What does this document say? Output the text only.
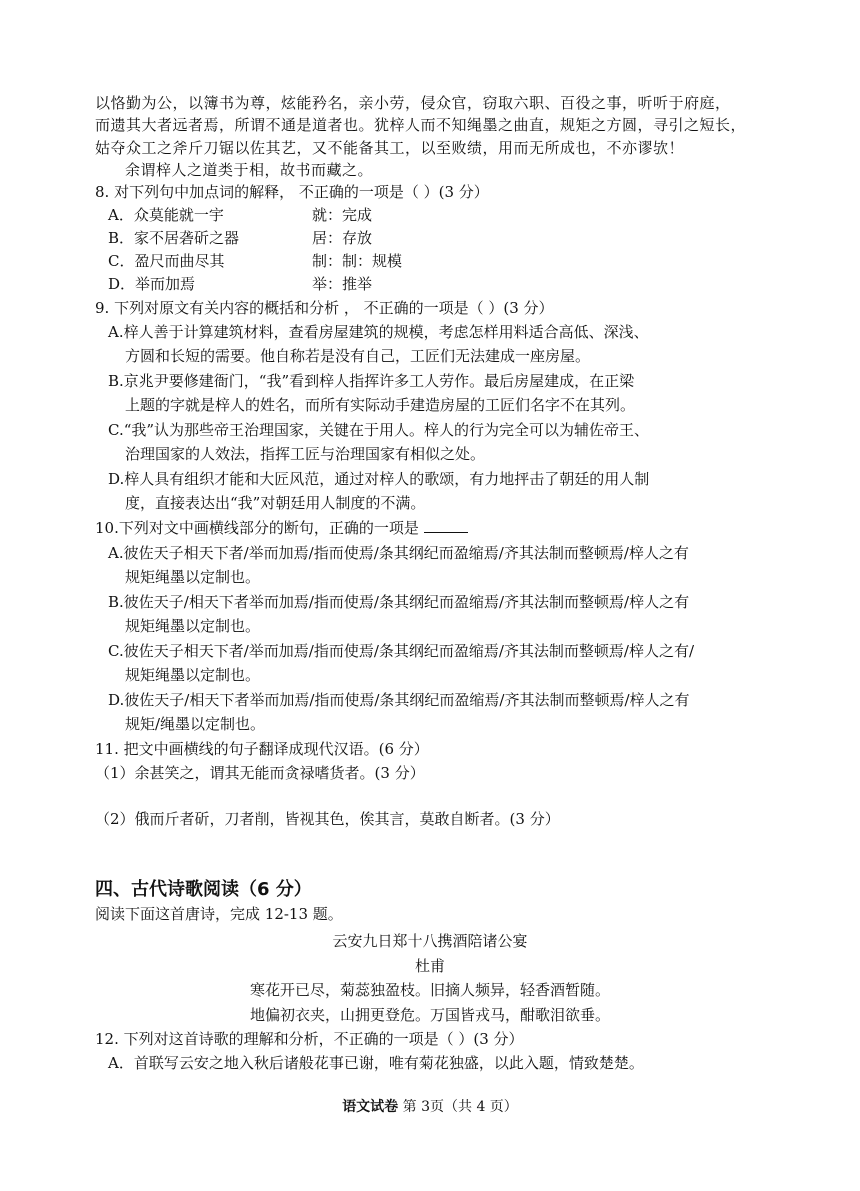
以恪勤为公，以簿书为尊，炫能矜名，亲小劳，侵众官，窃取六职、百役之事，听听于府庭，
而遗其大者远者焉，所谓不通是道者也。犹梓人而不知绳墨之曲直，规矩之方圆，寻引之短长，
姑夺众工之斧斤刀锯以佐其艺，又不能备其工，以至败绩，用而无所成也，不亦谬欤！
余谓梓人之道类于相，故书而藏之。
8. 对下列句中加点词的解释， 不正确的一项是（ ）(3 分）
A．众莫能就一宇	就：完成
B．家不居砻斫之器	居：存放
C．盈尺而曲尽其	制：制：规模
D．举而加焉	举：推举
9. 下列对原文有关内容的概括和分析 ， 不正确的一项是（ ）(3 分）
A.梓人善于计算建筑材料，查看房屋建筑的规模，考虑怎样用料适合高低、深浅、
方圆和长短的需要。他自称若是没有自己，工匠们无法建成一座房屋。
B.京兆尹要修建衙门，“我”看到梓人指挥许多工人劳作。最后房屋建成，在正梁
上题的字就是梓人的姓名，而所有实际动手建造房屋的工匠们名字不在其列。
C.“我”认为那些帝王治理国家，关键在于用人。梓人的行为完全可以为辅佐帝王、
治理国家的人效法，指挥工匠与治理国家有相似之处。
D.梓人具有组织才能和大匠风范，通过对梓人的歌颂，有力地抨击了朝廷的用人制
度，直接表达出“我”对朝廷用人制度的不满。
10.下列对文中画横线部分的断句，正确的一项是
A.彼佐天子相天下者/举而加焉/指而使焉/条其纲纪而盈缩焉/齐其法制而整顿焉/梓人之有
规矩绳墨以定制也。
B.彼佐天子/相天下者举而加焉/指而使焉/条其纲纪而盈缩焉/齐其法制而整顿焉/梓人之有
规矩绳墨以定制也。
C.彼佐天子相天下者/举而加焉/指而使焉/条其纲纪而盈缩焉/齐其法制而整顿焉/梓人之有/
规矩绳墨以定制也。
D.彼佐天子/相天下者举而加焉/指而使焉/条其纲纪而盈缩焉/齐其法制而整顿焉/梓人之有
规矩/绳墨以定制也。
11. 把文中画横线的句子翻译成现代汉语。(6 分）
（1）余甚笑之，谓其无能而贪禄嗜货者。(3 分）
（2）俄而斤者斫，刀者削，皆视其色，俟其言，莫敢自断者。(3 分）
四、古代诗歌阅读（6 分）
阅读下面这首唐诗，完成 12-13 题。
云安九日郑十八携酒陪诸公宴
杜甫
寒花开已尽，菊蕊独盈枝。旧摘人频异，轻香酒暂随。
地偏初衣夹，山拥更登危。万国皆戎马，酣歌泪欲垂。
12. 下列对这首诗歌的理解和分析，不正确的一项是（ ）(3 分）
A．首联写云安之地入秋后诸般花事已谢，唯有菊花独盛，以此入题，情致楚楚。
语文试卷 第 3页（共 4 页）
